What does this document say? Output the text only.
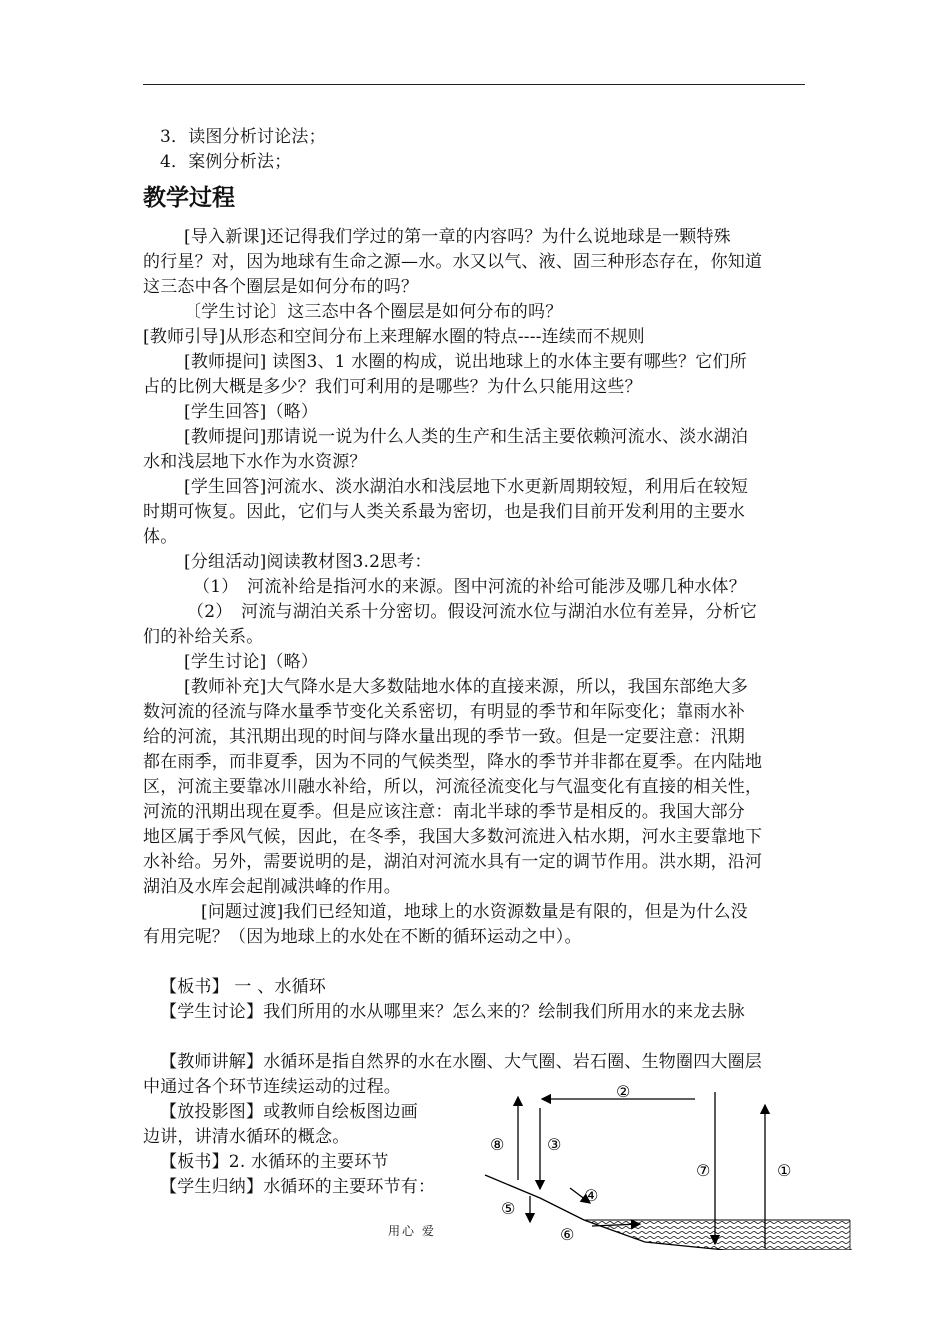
3．读图分析讨论法；
4．案例分析法；
教学过程
[导入新课]还记得我们学过的第一章的内容吗？为什么说地球是一颗特殊
的行星？对，因为地球有生命之源—水。水又以气、液、固三种形态存在，你知道
这三态中各个圈层是如何分布的吗？
〔学生讨论〕这三态中各个圈层是如何分布的吗？
[教师引导]从形态和空间分布上来理解水圈的特点----连续而不规则
[教师提问] 读图3、1 水圈的构成，说出地球上的水体主要有哪些？它们所
占的比例大概是多少？我们可利用的是哪些？为什么只能用这些？
[学生回答]（略）
[教师提问]那请说一说为什么人类的生产和生活主要依赖河流水、淡水湖泊
水和浅层地下水作为水资源？
[学生回答]河流水、淡水湖泊水和浅层地下水更新周期较短，利用后在较短
时期可恢复。因此，它们与人类关系最为密切，也是我们目前开发利用的主要水
体。
[分组活动]阅读教材图3.2思考：
（1）　河流补给是指河水的来源。图中河流的补给可能涉及哪几种水体？
（2）　河流与湖泊关系十分密切。假设河流水位与湖泊水位有差异，分析它
们的补给关系。
[学生讨论]（略）
[教师补充]大气降水是大多数陆地水体的直接来源，所以，我国东部绝大多
数河流的径流与降水量季节变化关系密切，有明显的季节和年际变化；靠雨水补
给的河流，其汛期出现的时间与降水量出现的季节一致。但是一定要注意：汛期
都在雨季，而非夏季，因为不同的气候类型，降水的季节并非都在夏季。在内陆地
区，河流主要靠冰川融水补给，所以，河流径流变化与气温变化有直接的相关性，
河流的汛期出现在夏季。但是应该注意：南北半球的季节是相反的。我国大部分
地区属于季风气候，因此，在冬季，我国大多数河流进入枯水期，河水主要靠地下
水补给。另外，需要说明的是，湖泊对河流水具有一定的调节作用。洪水期，沿河
湖泊及水库会起削减洪峰的作用。
[问题过渡]我们已经知道，地球上的水资源数量是有限的，但是为什么没
有用完呢？（因为地球上的水处在不断的循环运动之中）。
【板书】 一 、水循环
【学生讨论】我们所用的水从哪里来？怎么来的？绘制我们所用水的来龙去脉
【教师讲解】水循环是指自然界的水在水圈、大气圈、岩石圈、生物圈四大圈层
中通过各个环节连续运动的过程。
【放投影图】或教师自绘板图边画
边讲，讲清水循环的概念。
【板书】2. 水循环的主要环节
【学生归纳】水循环的主要环节有：
②
⑧	③
⑦	①
④
⑤
⑥
用心 爱
